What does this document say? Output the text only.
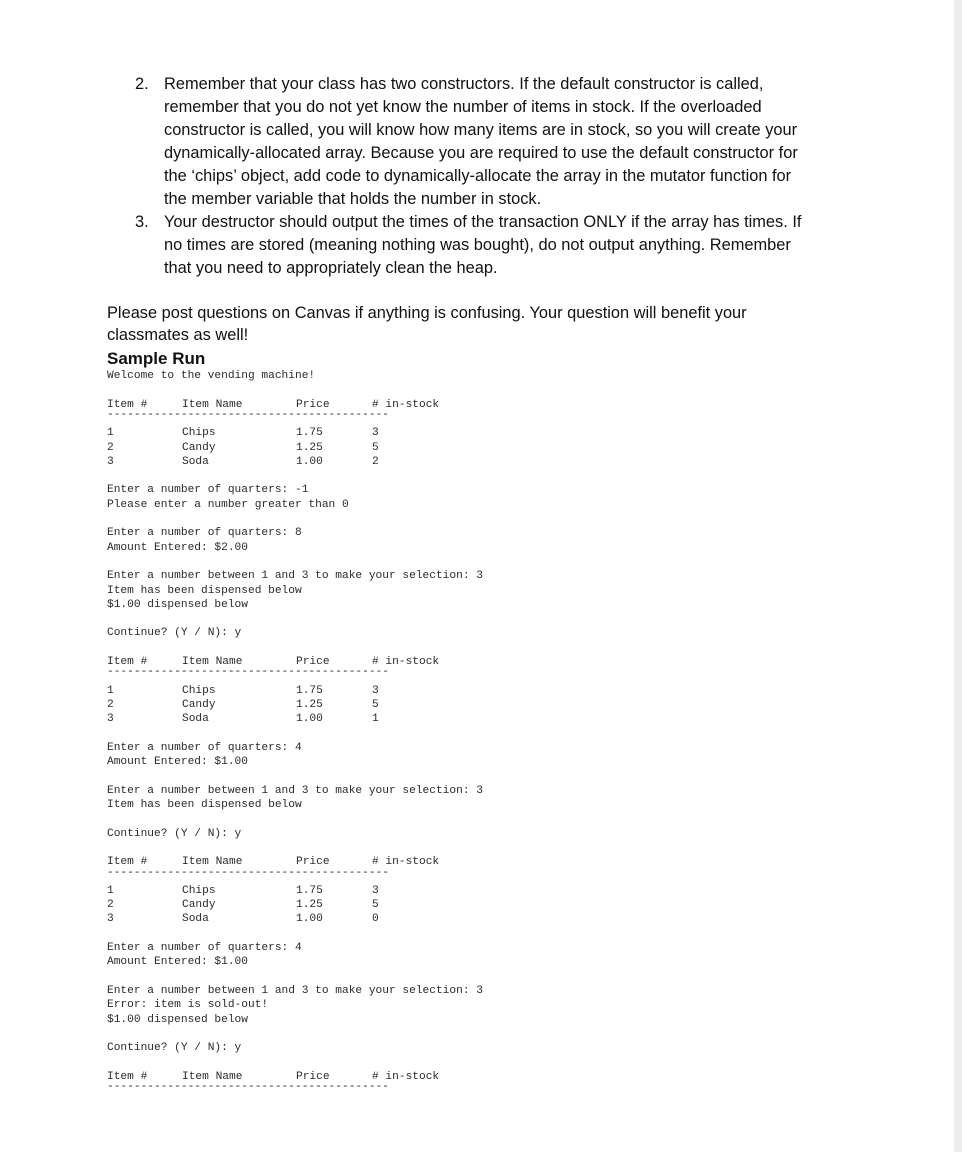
2. Remember that your class has two constructors. If the default constructor is called,
remember that you do not yet know the number of items in stock. If the overloaded
constructor is called, you will know how many items are in stock, so you will create your
dynamically-allocated array. Because you are required to use the default constructor for
the ‘chips’ object, add code to dynamically-allocate the array in the mutator function for
the member variable that holds the number in stock.
3. Your destructor should output the times of the transaction ONLY if the array has times. If
no times are stored (meaning nothing was bought), do not output anything. Remember
that you need to appropriately clean the heap.
Please post questions on Canvas if anything is confusing. Your question will benefit your
classmates as well!
Sample Run
Welcome to the vending machine!
Item #	Item Name	Price	# in-stock
------------------------------------------
1	Chips	1.75	3
2	Candy	1.25	5
3	Soda	1.00	2
Enter a number of quarters: -1
Please enter a number greater than 0
Enter a number of quarters: 8
Amount Entered: $2.00
Enter a number between 1 and 3 to make your selection: 3
Item has been dispensed below
$1.00 dispensed below
Continue? (Y / N): y
Item #	Item Name	Price	# in-stock
------------------------------------------
1	Chips	1.75	3
2	Candy	1.25	5
3	Soda	1.00	1
Enter a number of quarters: 4
Amount Entered: $1.00
Enter a number between 1 and 3 to make your selection: 3
Item has been dispensed below
Continue? (Y / N): y
Item #	Item Name	Price	# in-stock
------------------------------------------
1	Chips	1.75	3
2	Candy	1.25	5
3	Soda	1.00	0
Enter a number of quarters: 4
Amount Entered: $1.00
Enter a number between 1 and 3 to make your selection: 3
Error: item is sold-out!
$1.00 dispensed below
Continue? (Y / N): y
Item #	Item Name	Price	# in-stock
------------------------------------------
